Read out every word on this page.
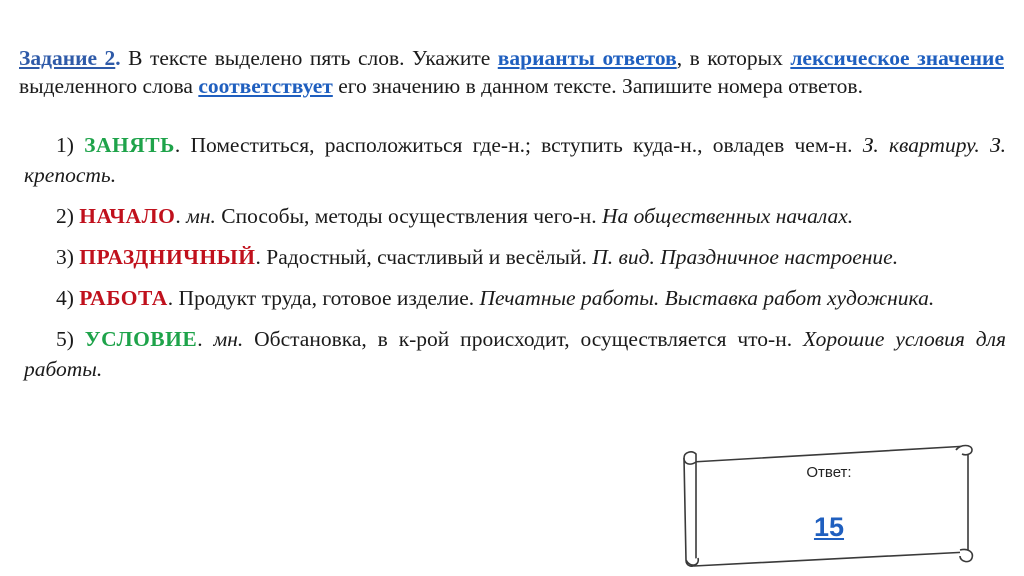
Задание 2. В тексте выделено пять слов. Укажите варианты ответов, в которых лексическое значение выделенного слова соответствует его значению в данном тексте. Запишите номера ответов.

1) ЗАНЯТЬ. Поместиться, расположиться где-н.; вступить куда-н., овладев чем-н. З. квартиру. З. крепость.

2) НАЧАЛО. мн. Способы, методы осуществления чего-н. На общественных началах.

3) ПРАЗДНИЧНЫЙ. Радостный, счастливый и весёлый. П. вид. Праздничное настроение.

4) РАБОТА. Продукт труда, готовое изделие. Печатные работы. Выставка работ художника.

5) УСЛОВИЕ. мн. Обстановка, в к-рой происходит, осуществляется что-н. Хорошие условия для работы.

Ответ:
15
